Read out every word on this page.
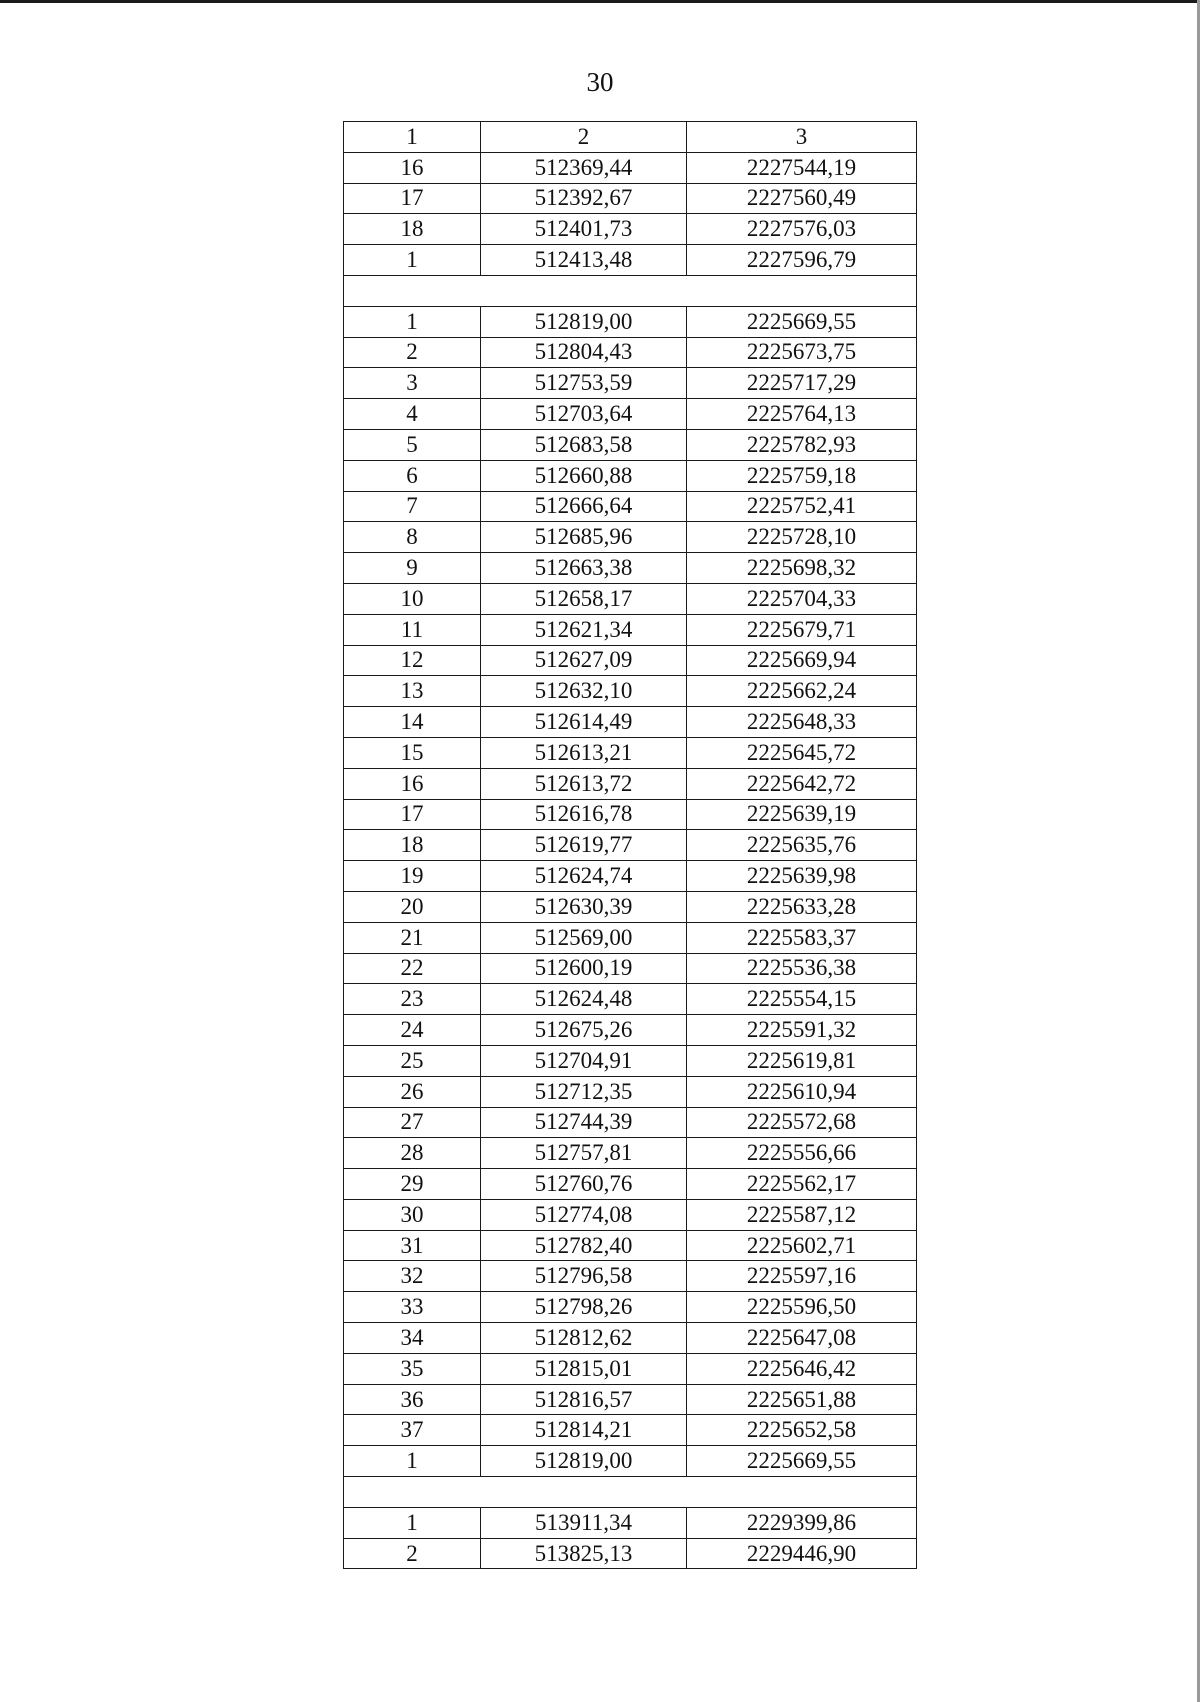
30
1	2	3
16	512369,44	2227544,19
17	512392,67	2227560,49
18	512401,73	2227576,03
1	512413,48	2227596,79

1	512819,00	2225669,55
2	512804,43	2225673,75
3	512753,59	2225717,29
4	512703,64	2225764,13
5	512683,58	2225782,93
6	512660,88	2225759,18
7	512666,64	2225752,41
8	512685,96	2225728,10
9	512663,38	2225698,32
10	512658,17	2225704,33
11	512621,34	2225679,71
12	512627,09	2225669,94
13	512632,10	2225662,24
14	512614,49	2225648,33
15	512613,21	2225645,72
16	512613,72	2225642,72
17	512616,78	2225639,19
18	512619,77	2225635,76
19	512624,74	2225639,98
20	512630,39	2225633,28
21	512569,00	2225583,37
22	512600,19	2225536,38
23	512624,48	2225554,15
24	512675,26	2225591,32
25	512704,91	2225619,81
26	512712,35	2225610,94
27	512744,39	2225572,68
28	512757,81	2225556,66
29	512760,76	2225562,17
30	512774,08	2225587,12
31	512782,40	2225602,71
32	512796,58	2225597,16
33	512798,26	2225596,50
34	512812,62	2225647,08
35	512815,01	2225646,42
36	512816,57	2225651,88
37	512814,21	2225652,58
1	512819,00	2225669,55

1	513911,34	2229399,86
2	513825,13	2229446,90
